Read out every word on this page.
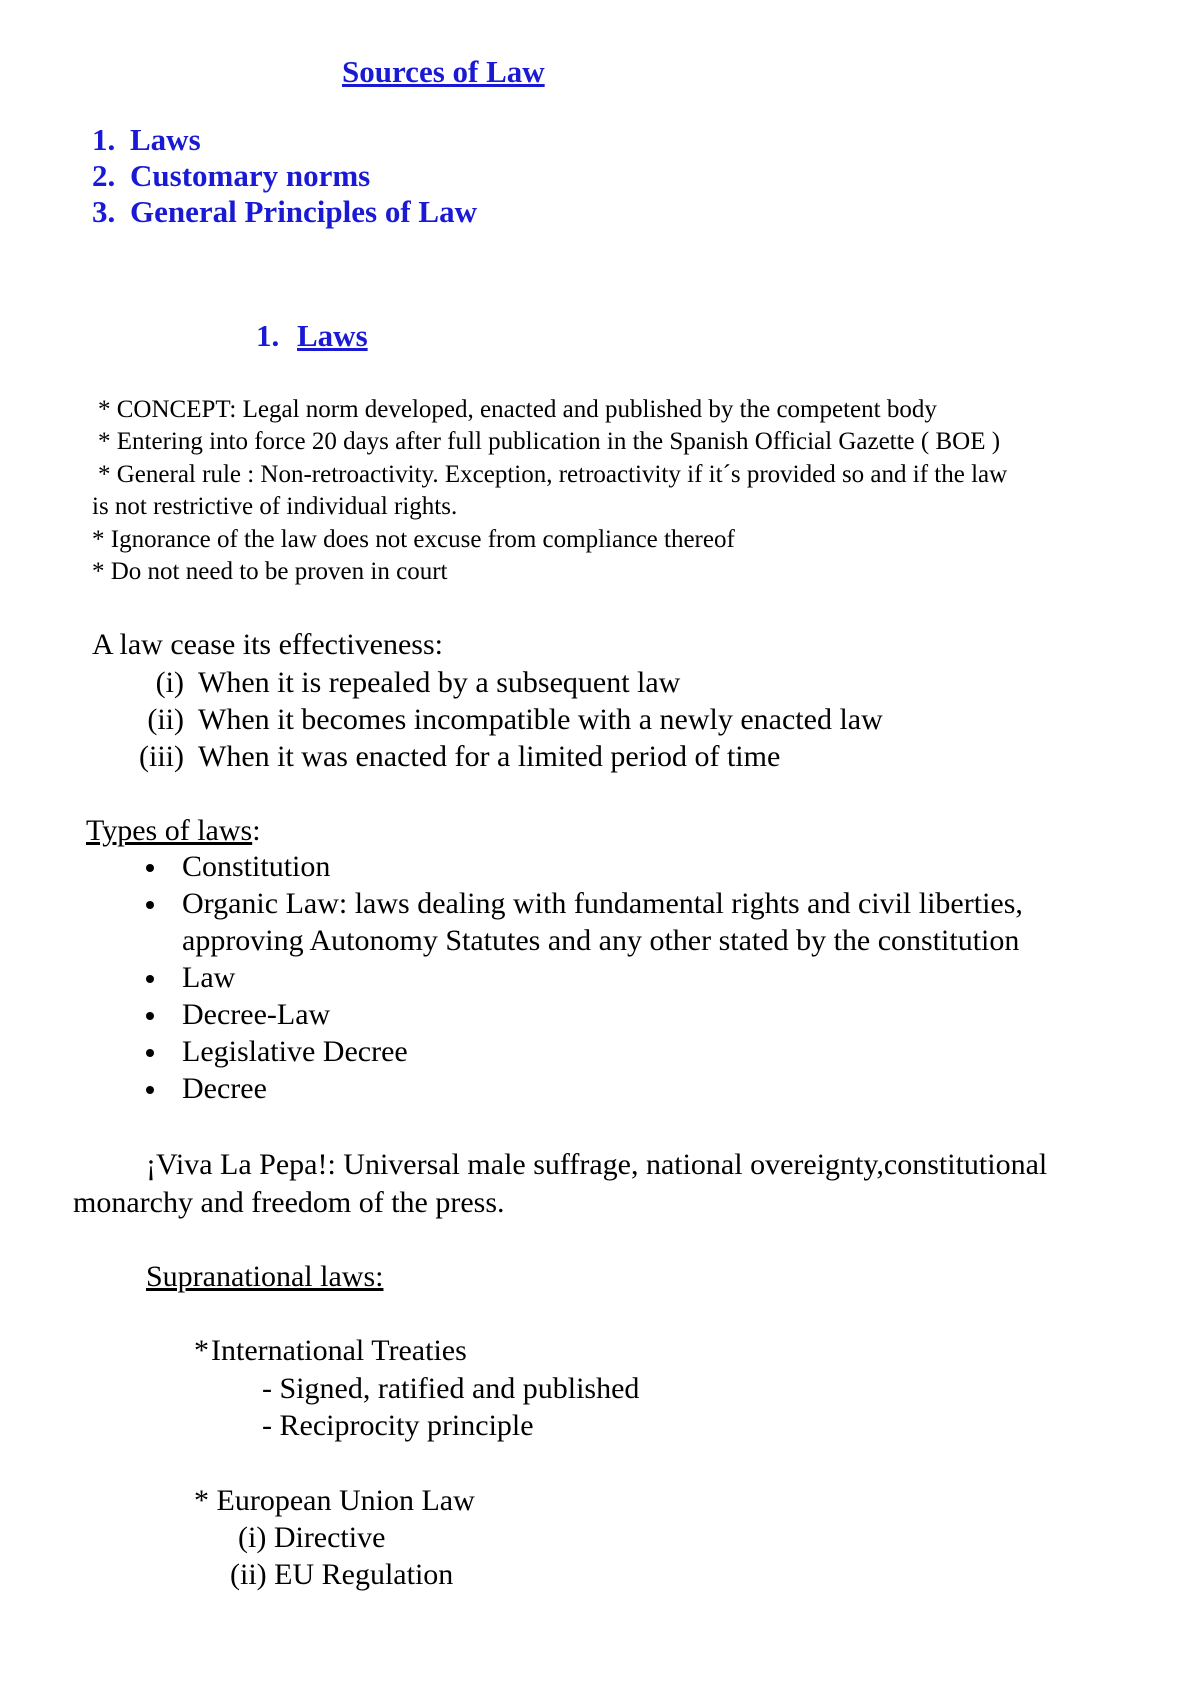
Sources of Law
1. Laws
2. Customary norms
3. General Principles of Law
1. Laws
* CONCEPT: Legal norm developed, enacted and published by the competent body
* Entering into force 20 days after full publication in the Spanish Official Gazette ( BOE )
* General rule : Non-retroactivity. Exception, retroactivity if it´s provided so and if the law
is not restrictive of individual rights.
* Ignorance of the law does not excuse from compliance thereof
* Do not need to be proven in court
A law cease its effectiveness:
(i) When it is repealed by a subsequent law
(ii) When it becomes incompatible with a newly enacted law
(iii) When it was enacted for a limited period of time
Types of laws:
Constitution
Organic Law: laws dealing with fundamental rights and civil liberties,
approving Autonomy Statutes and any other stated by the constitution
Law
Decree-Law
Legislative Decree
Decree
¡Viva La Pepa!: Universal male suffrage, national overeignty,constitutional
monarchy and freedom of the press.
Supranational laws:
*International Treaties
- Signed, ratified and published
- Reciprocity principle
* European Union Law
(i) Directive
(ii) EU Regulation
